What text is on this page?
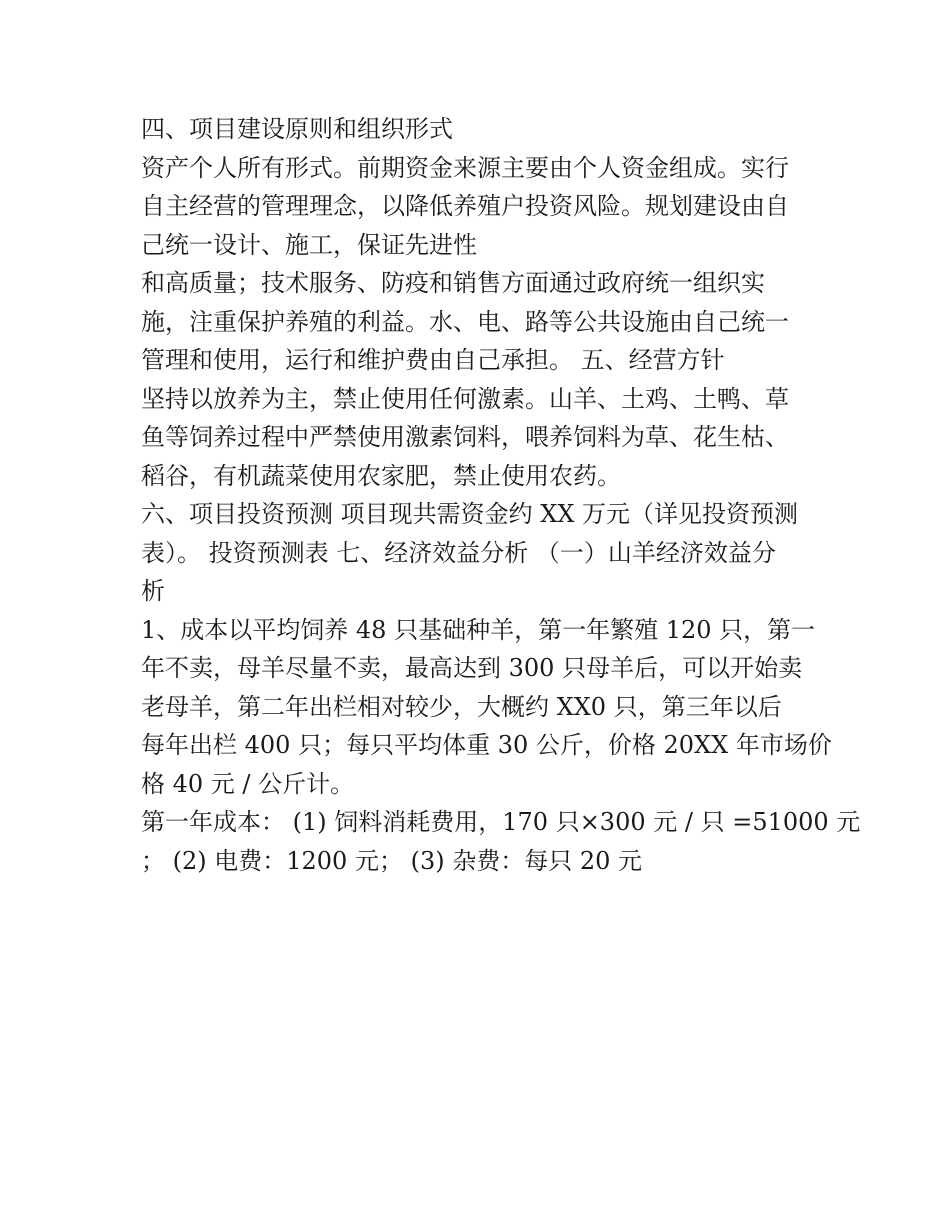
四、项目建设原则和组织形式

资产个人所有形式。前期资金来源主要由个人资金组成。实行

自主经营的管理理念，以降低养殖户投资风险。规划建设由自

己统一设计、施工，保证先进性

和高质量；技术服务、防疫和销售方面通过政府统一组织实

施，注重保护养殖的利益。水、电、路等公共设施由自己统一

管理和使用，运行和维护费由自己承担。 五、经营方针

坚持以放养为主，禁止使用任何激素。山羊、土鸡、土鸭、草

鱼等饲养过程中严禁使用激素饲料，喂养饲料为草、花生枯、

稻谷，有机蔬菜使用农家肥，禁止使用农药。

六、项目投资预测 项目现共需资金约 XX 万元（详见投资预测

表）。 投资预测表 七、经济效益分析 （一）山羊经济效益分

析

1、成本以平均饲养 48 只基础种羊，第一年繁殖 120 只，第一

年不卖，母羊尽量不卖，最高达到 300 只母羊后，可以开始卖

老母羊，第二年出栏相对较少，大概约 XX0 只，第三年以后

每年出栏 400 只；每只平均体重 30 公斤，价格 20XX 年市场价

格 40 元 / 公斤计。

第一年成本： (1) 饲料消耗费用，170 只×300 元 / 只 =51000 元

； (2) 电费：1200 元； (3) 杂费：每只 20 元
